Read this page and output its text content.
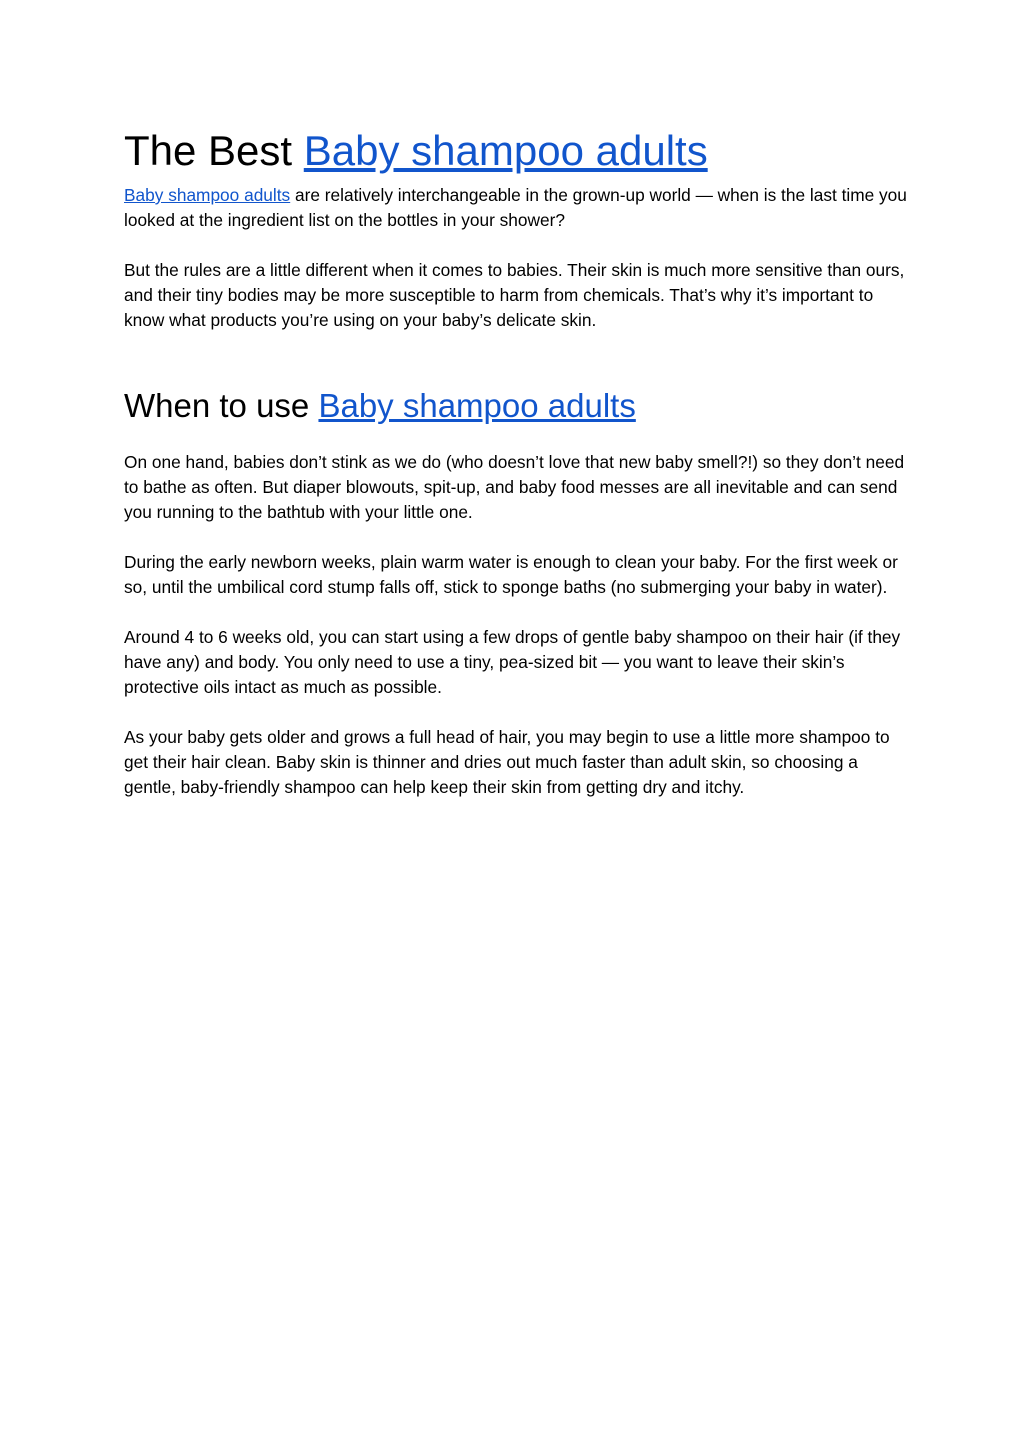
The Best Baby shampoo adults

Baby shampoo adults are relatively interchangeable in the grown-up world — when is the last time you looked at the ingredient list on the bottles in your shower?

But the rules are a little different when it comes to babies. Their skin is much more sensitive than ours, and their tiny bodies may be more susceptible to harm from chemicals. That’s why it’s important to know what products you’re using on your baby’s delicate skin.

When to use Baby shampoo adults

On one hand, babies don’t stink as we do (who doesn’t love that new baby smell?!) so they don’t need to bathe as often. But diaper blowouts, spit-up, and baby food messes are all inevitable and can send you running to the bathtub with your little one.

During the early newborn weeks, plain warm water is enough to clean your baby. For the first week or so, until the umbilical cord stump falls off, stick to sponge baths (no submerging your baby in water).

Around 4 to 6 weeks old, you can start using a few drops of gentle baby shampoo on their hair (if they have any) and body. You only need to use a tiny, pea-sized bit — you want to leave their skin’s protective oils intact as much as possible.

As your baby gets older and grows a full head of hair, you may begin to use a little more shampoo to get their hair clean. Baby skin is thinner and dries out much faster than adult skin, so choosing a gentle, baby-friendly shampoo can help keep their skin from getting dry and itchy.
